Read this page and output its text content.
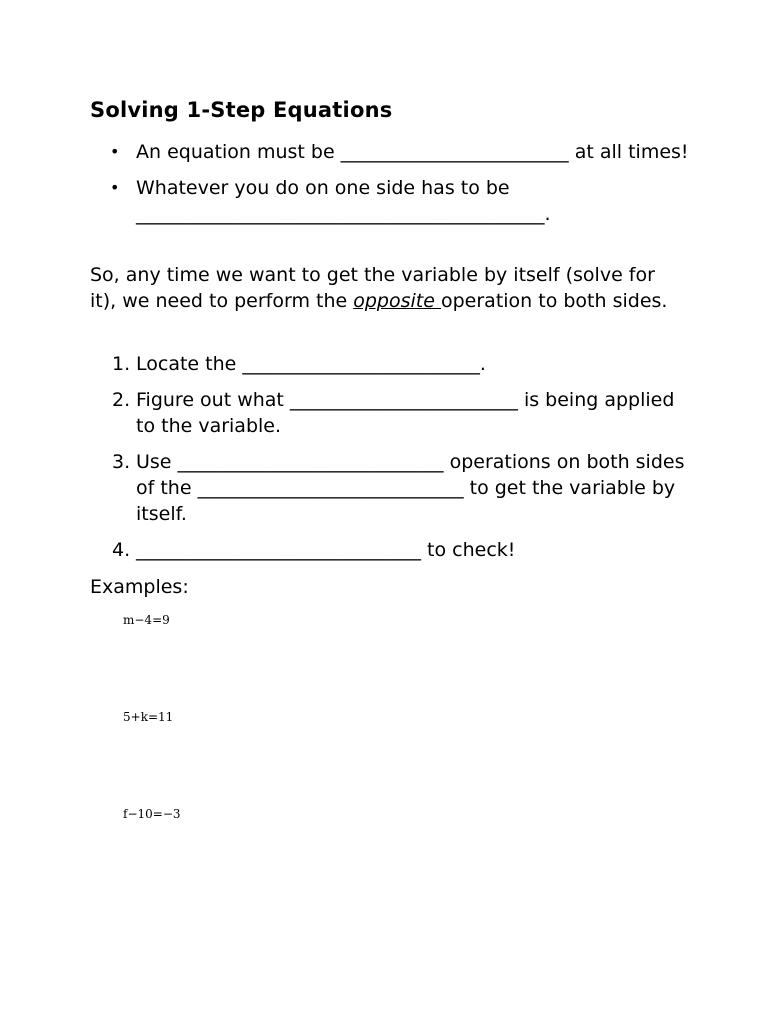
Solving 1-Step Equations
• An equation must be ________________________ at all times!
• Whatever you do on one side has to be
___________________________________________.

So, any time we want to get the variable by itself (solve for it), we need to perform the opposite operation to both sides.

1. Locate the _________________________.
2. Figure out what ________________________ is being applied to the variable.
3. Use ____________________________ operations on both sides of the ____________________________ to get the variable by itself.
4. ______________________________ to check!

Examples:

m−4=9

5+k=11

f−10=−3
